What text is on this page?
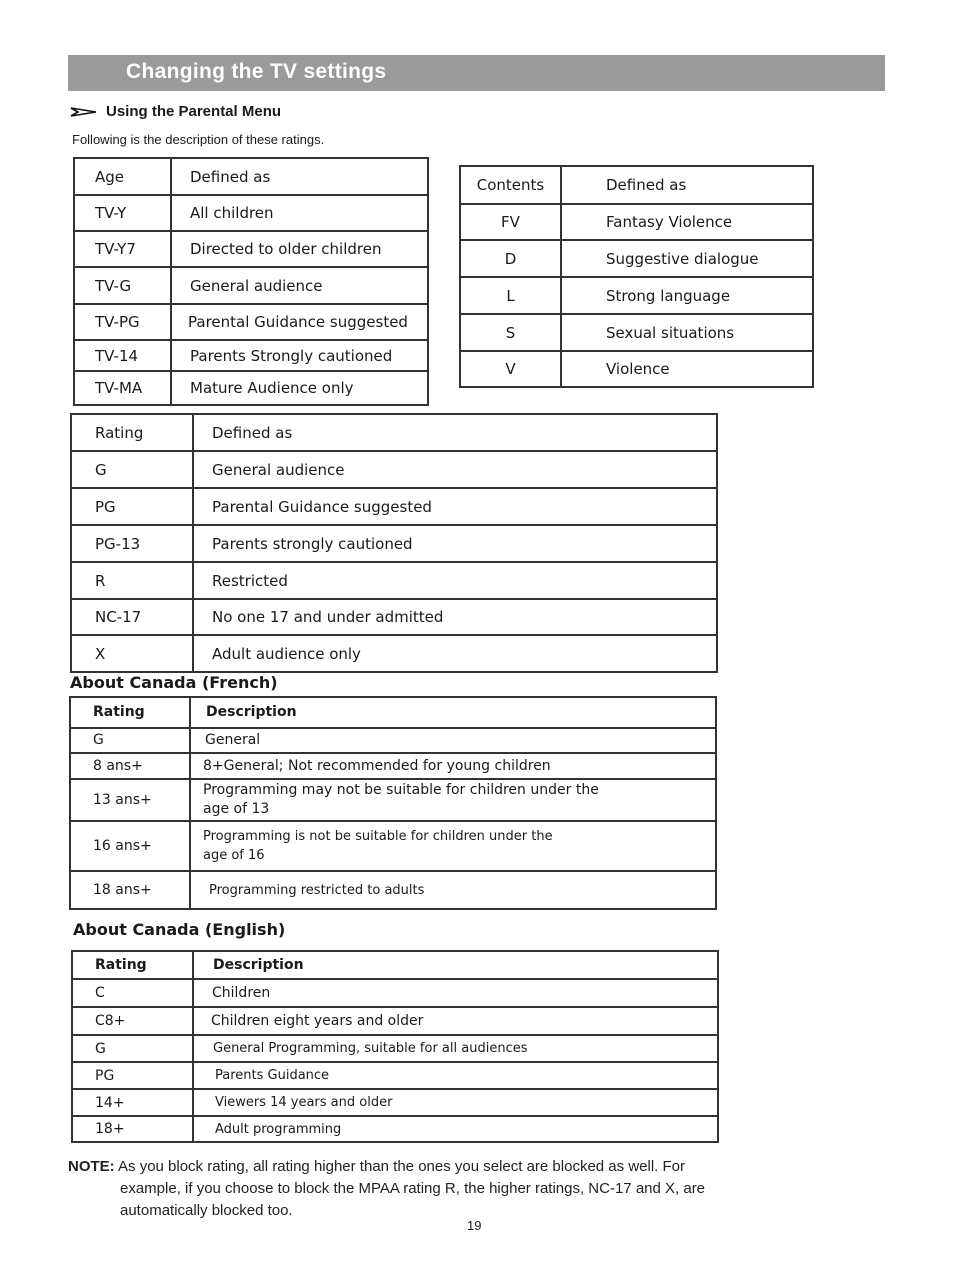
Changing the TV settings
Using the Parental Menu
Following is the description of these ratings.
Age	Defined as
TV-Y	All children
TV-Y7	Directed to older children
TV-G	General audience
TV-PG	Parental Guidance suggested
TV-14	Parents Strongly cautioned
TV-MA	Mature Audience only
Contents	Defined as
FV	Fantasy Violence
D	Suggestive dialogue
L	Strong language
S	Sexual situations
V	Violence
Rating	Defined as
G	General audience
PG	Parental Guidance suggested
PG-13	Parents strongly cautioned
R	Restricted
NC-17	No one 17 and under admitted
X	Adult audience only
About Canada (French)
Rating	Description
G	General
8 ans+	8+General; Not recommended for young children
13 ans+	Programming may not be suitable for children under the age of 13
16 ans+	Programming is not be suitable for children under the age of 16
18 ans+	Programming restricted to adults
About Canada (English)
Rating	Description
C	Children
C8+	Children eight years and older
G	General Programming, suitable for all audiences
PG	Parents Guidance
14+	Viewers 14 years and older
18+	Adult programming
NOTE: As you block rating, all rating higher than the ones you select are blocked as well. For
example, if you choose to block the MPAA rating R, the higher ratings, NC-17 and X, are
automatically blocked too.
19
